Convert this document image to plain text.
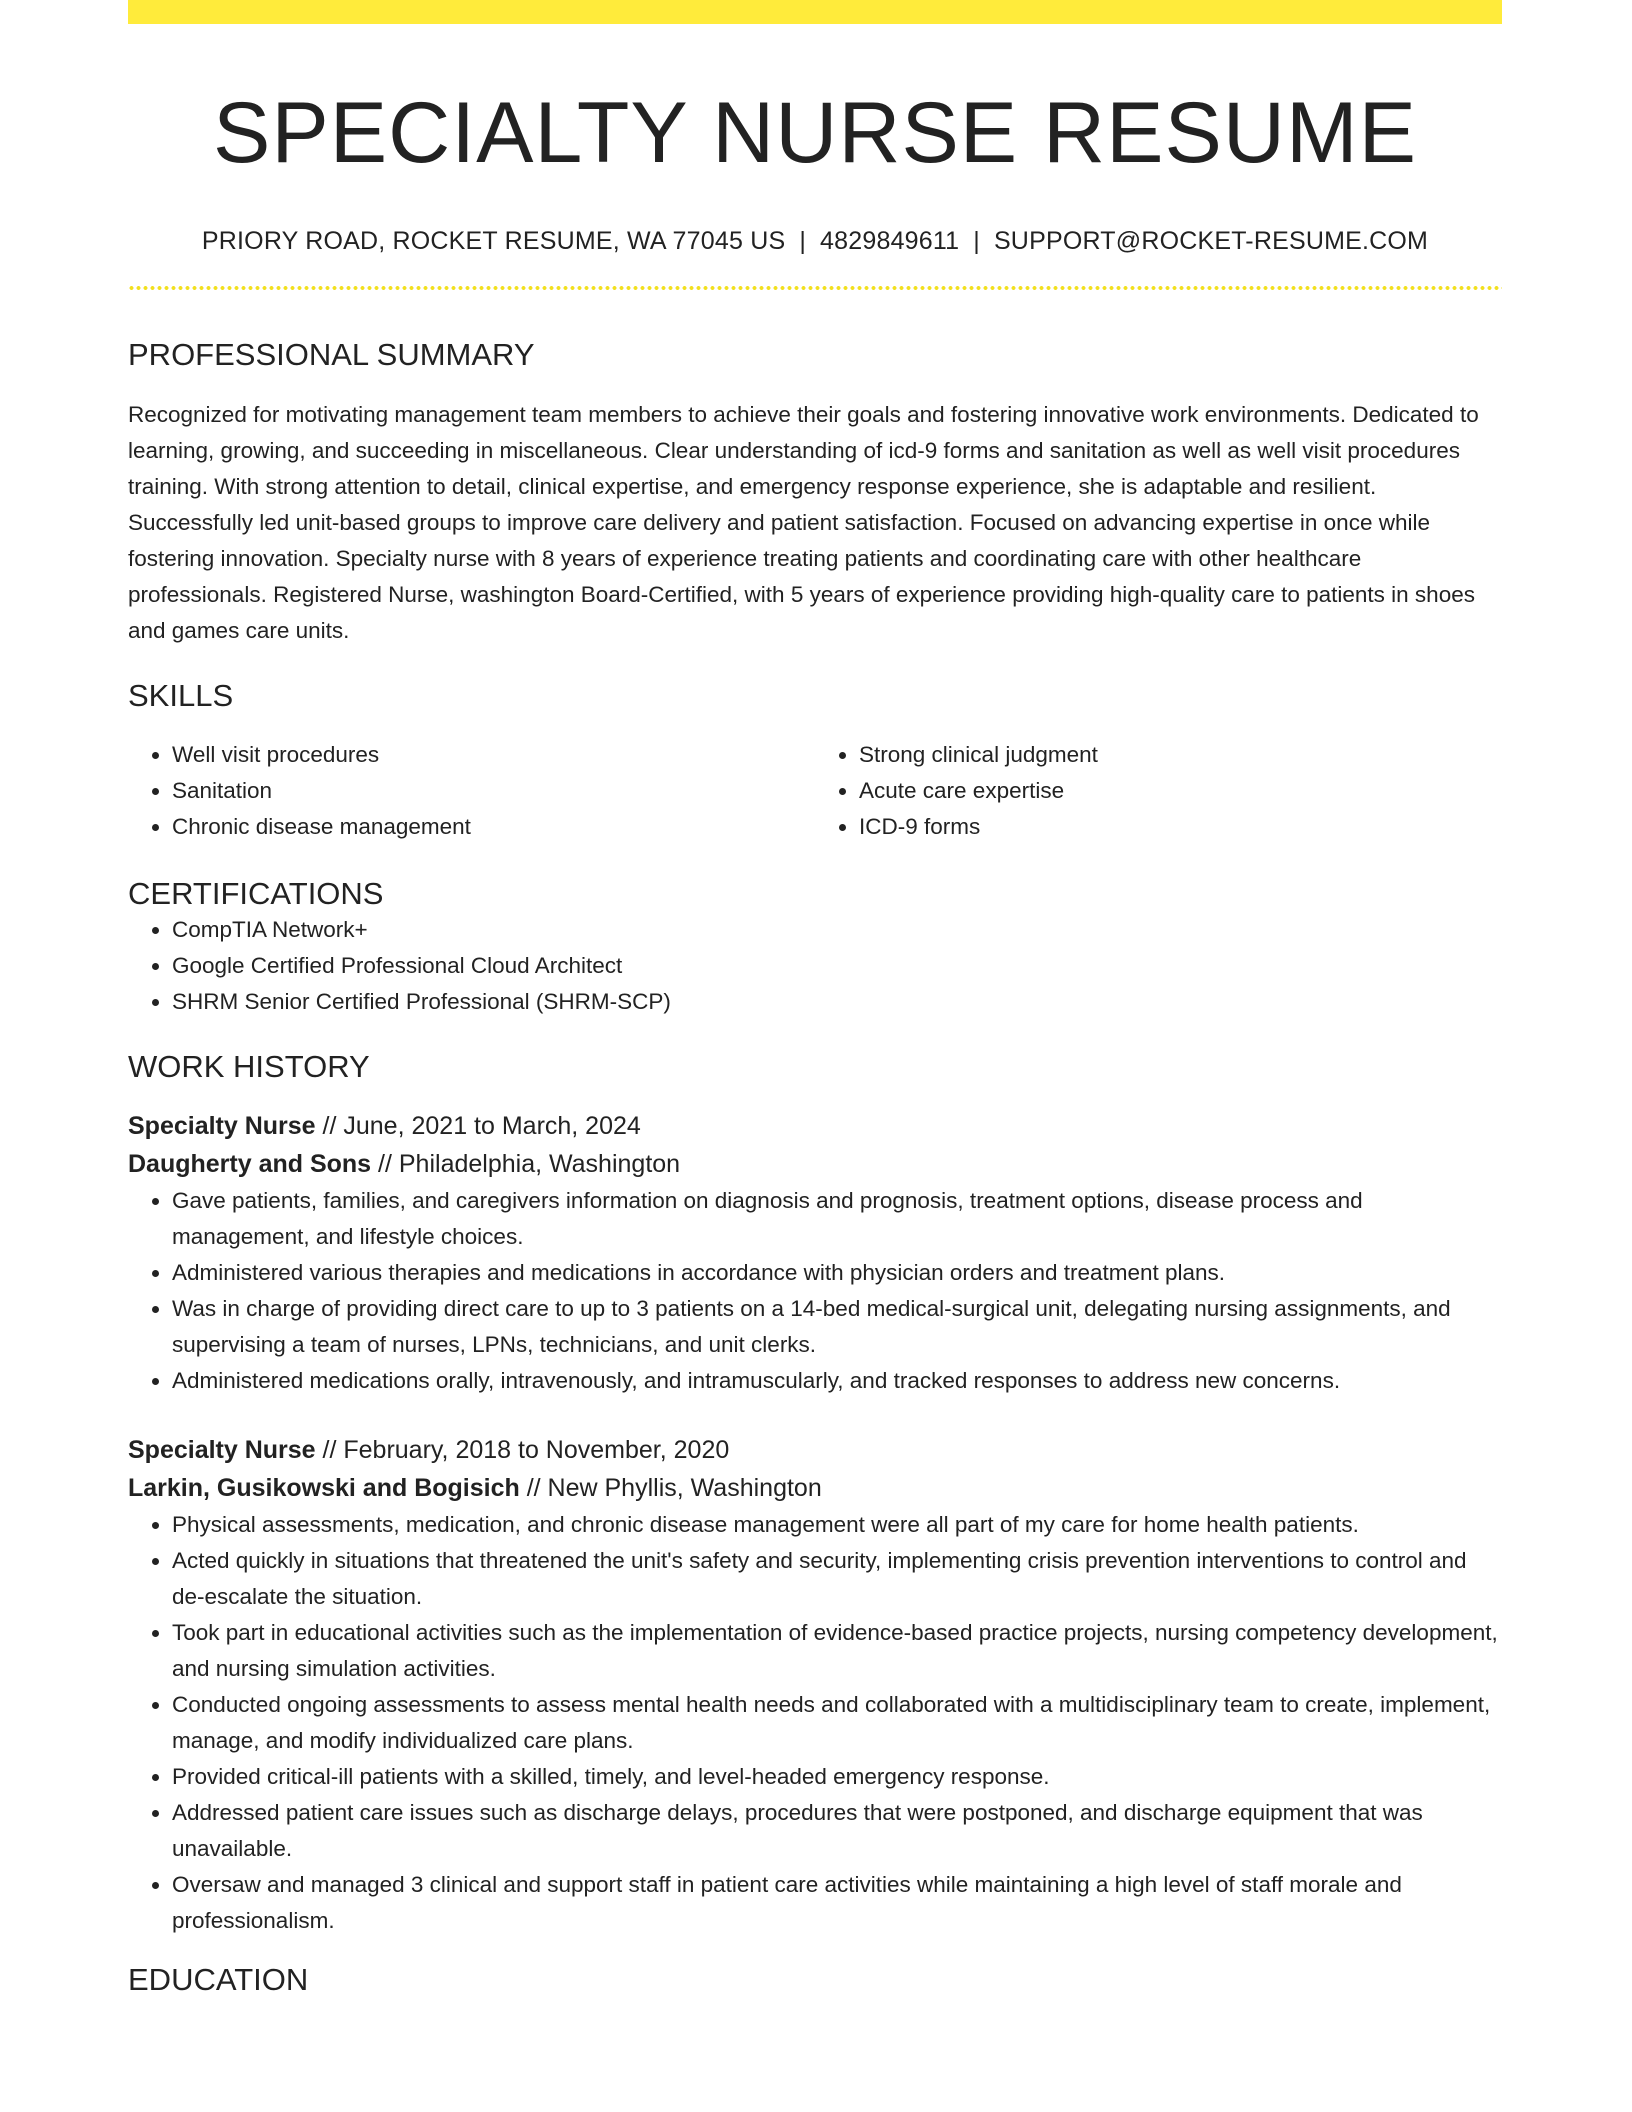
SPECIALTY NURSE RESUME
PRIORY ROAD, ROCKET RESUME, WA 77045 US | 4829849611 | SUPPORT@ROCKET-RESUME.COM
PROFESSIONAL SUMMARY

Recognized for motivating management team members to achieve their goals and fostering innovative work environments. Dedicated to learning, growing, and succeeding in miscellaneous. Clear understanding of icd-9 forms and sanitation as well as well visit procedures training. With strong attention to detail, clinical expertise, and emergency response experience, she is adaptable and resilient. Successfully led unit-based groups to improve care delivery and patient satisfaction. Focused on advancing expertise in once while fostering innovation. Specialty nurse with 8 years of experience treating patients and coordinating care with other healthcare professionals. Registered Nurse, washington Board-Certified, with 5 years of experience providing high-quality care to patients in shoes and games care units.

SKILLS
• Well visit procedures
• Sanitation
• Chronic disease management
• Strong clinical judgment
• Acute care expertise
• ICD-9 forms
CERTIFICATIONS
• CompTIA Network+
• Google Certified Professional Cloud Architect
• SHRM Senior Certified Professional (SHRM-SCP)
WORK HISTORY
Specialty Nurse // June, 2021 to March, 2024
Daugherty and Sons // Philadelphia, Washington
• Gave patients, families, and caregivers information on diagnosis and prognosis, treatment options, disease process and management, and lifestyle choices.
• Administered various therapies and medications in accordance with physician orders and treatment plans.
• Was in charge of providing direct care to up to 3 patients on a 14-bed medical-surgical unit, delegating nursing assignments, and supervising a team of nurses, LPNs, technicians, and unit clerks.
• Administered medications orally, intravenously, and intramuscularly, and tracked responses to address new concerns.
Specialty Nurse // February, 2018 to November, 2020
Larkin, Gusikowski and Bogisich // New Phyllis, Washington
• Physical assessments, medication, and chronic disease management were all part of my care for home health patients.
• Acted quickly in situations that threatened the unit's safety and security, implementing crisis prevention interventions to control and de-escalate the situation.
• Took part in educational activities such as the implementation of evidence-based practice projects, nursing competency development, and nursing simulation activities.
• Conducted ongoing assessments to assess mental health needs and collaborated with a multidisciplinary team to create, implement, manage, and modify individualized care plans.
• Provided critical-ill patients with a skilled, timely, and level-headed emergency response.
• Addressed patient care issues such as discharge delays, procedures that were postponed, and discharge equipment that was unavailable.
• Oversaw and managed 3 clinical and support staff in patient care activities while maintaining a high level of staff morale and professionalism.
EDUCATION
